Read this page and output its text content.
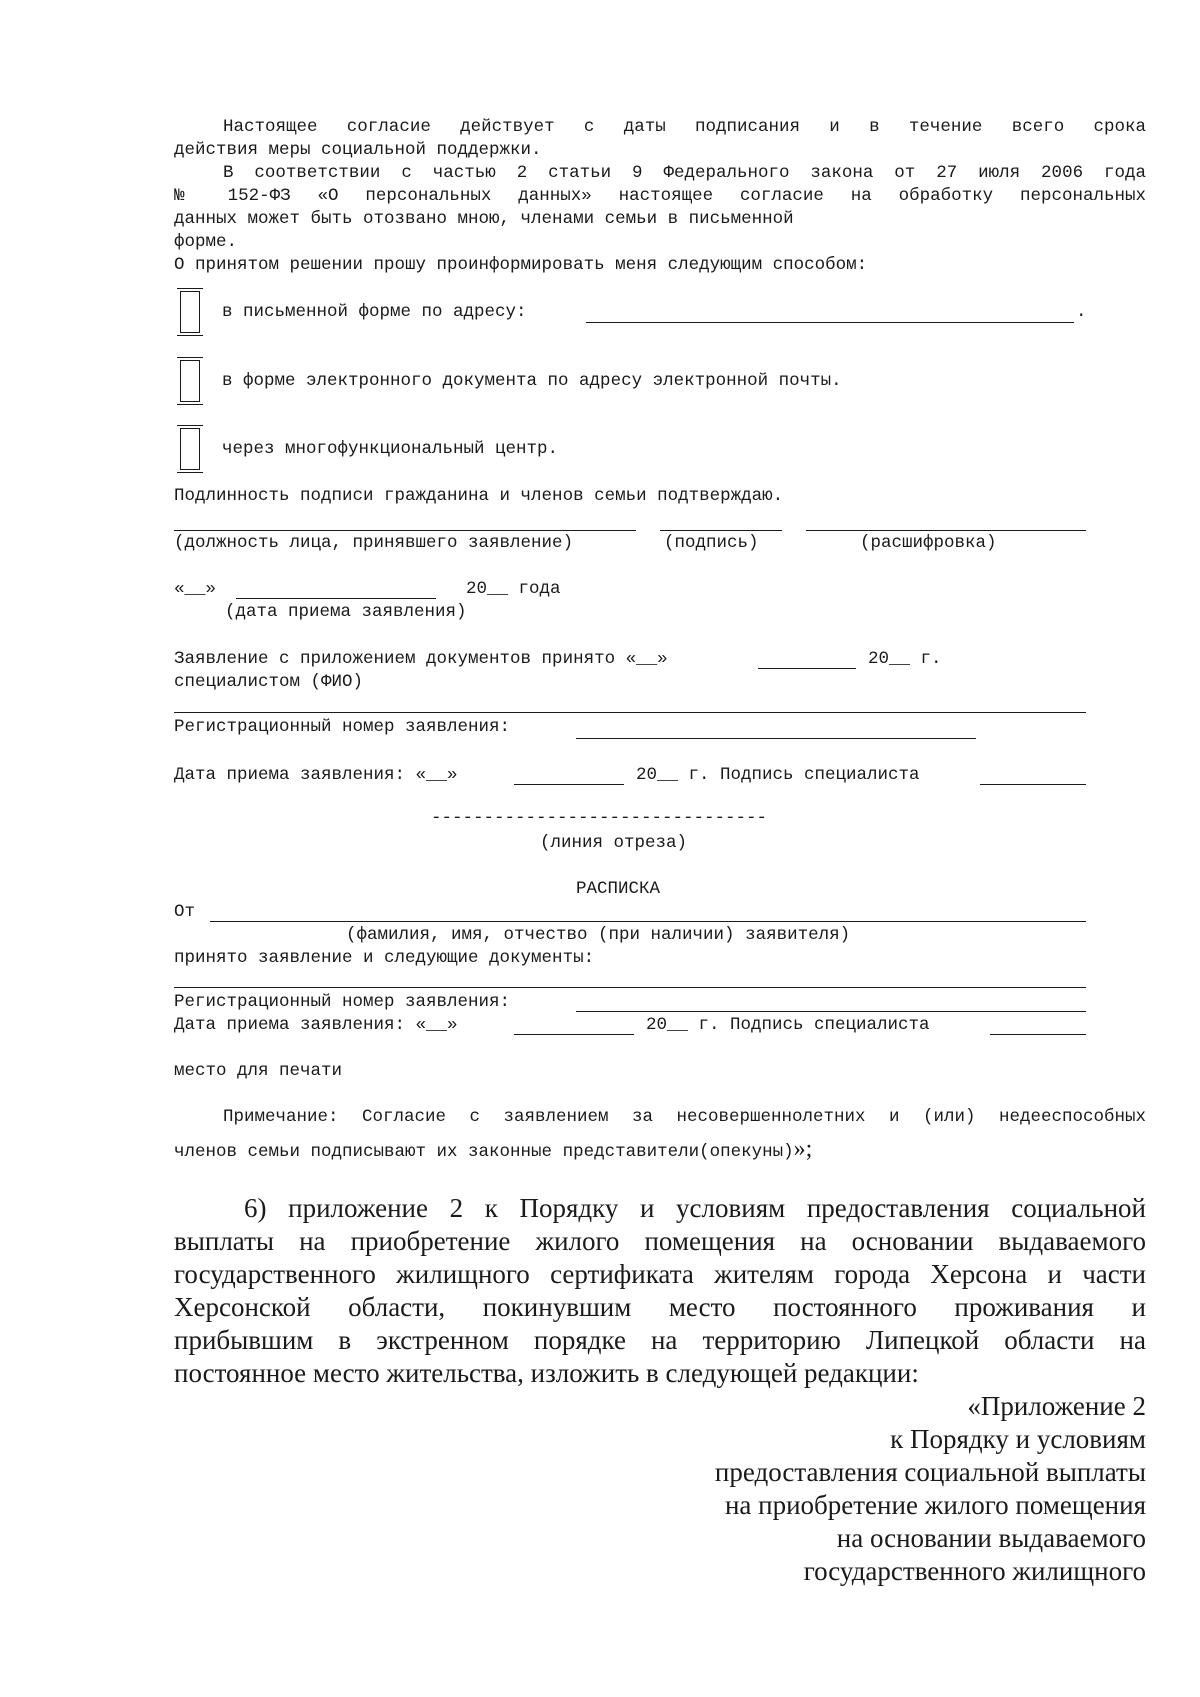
Настоящее согласие действует с даты подписания и в течение всего срока
действия меры социальной поддержки.
В соответствии с частью 2 статьи 9 Федерального закона от 27 июля 2006 года
№ 152-ФЗ «О персональных данных» настоящее согласие на обработку персональных
данных может быть отозвано мною, членами семьи в письменной
форме.
О принятом решении прошу проинформировать меня следующим способом:
в письменной форме по адресу:	.
в форме электронного документа по адресу электронной почты.
через многофункциональный центр.
Подлинность подписи гражданина и членов семьи подтверждаю.
(должность лица, принявшего заявление)	(подпись)	(расшифровка)
«__»	20__ года
(дата приема заявления)
Заявление с приложением документов принято «__»	20__ г.
специалистом (ФИО)
Регистрационный номер заявления:
Дата приема заявления: «__»	20__ г. Подпись специалиста
--------------------------------
(линия отреза)
РАСПИСКА
От
(фамилия, имя, отчество (при наличии) заявителя)
принято заявление и следующие документы:
Регистрационный номер заявления:
Дата приема заявления: «__»	20__ г. Подпись специалиста
место для печати
Примечание: Согласие с заявлением за несовершеннолетних и (или) недееспособных
членов семьи подписывают их законные представители(опекуны)»;
6) приложение 2 к Порядку и условиям предоставления социальной
выплаты на приобретение жилого помещения на основании выдаваемого
государственного жилищного сертификата жителям города Херсона и части
Херсонской области, покинувшим место постоянного проживания и
прибывшим в экстренном порядке на территорию Липецкой области на
постоянное место жительства, изложить в следующей редакции:
«Приложение 2
к Порядку и условиям
предоставления социальной выплаты
на приобретение жилого помещения
на основании выдаваемого
государственного жилищного
